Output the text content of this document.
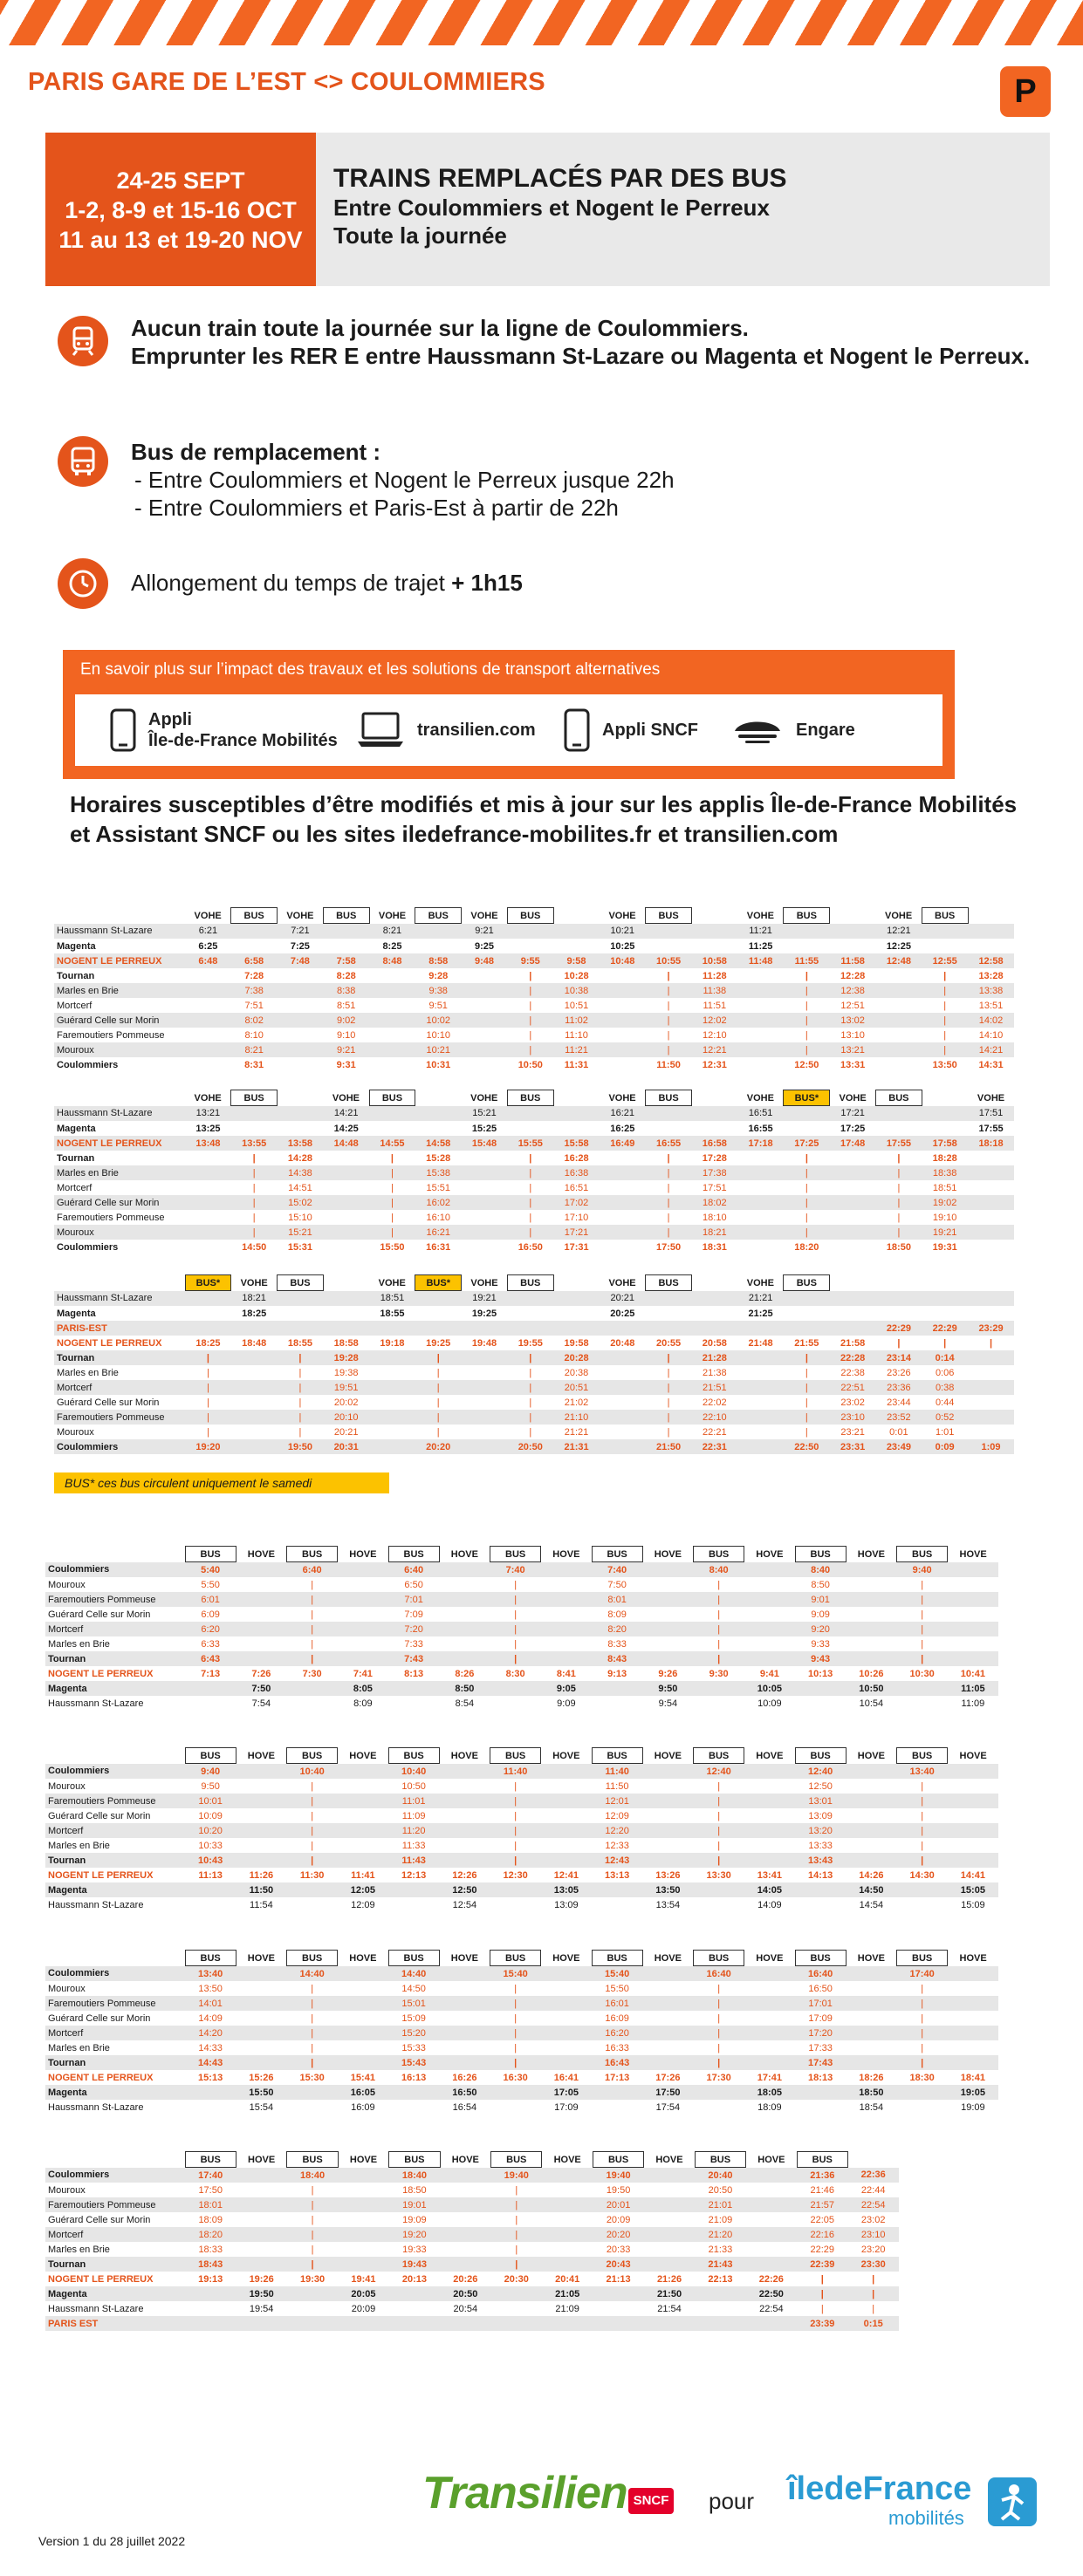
PARIS GARE DE L’EST <> COULOMMIERS	P
24-25 SEPT
1-2, 8-9 et 15-16 OCT
11 au 13 et 19-20 NOV
TRAINS REMPLACÉS PAR DES BUS
Entre Coulommiers et Nogent le Perreux
Toute la journée
Aucun train toute la journée sur la ligne de Coulommiers.
Emprunter les RER E entre Haussmann St-Lazare ou Magenta et Nogent le Perreux.
Bus de remplacement :
- Entre Coulommiers et Nogent le Perreux jusque 22h
- Entre Coulommiers et Paris-Est à partir de 22h
Allongement du temps de trajet + 1h15
En savoir plus sur l’impact des travaux et les solutions de transport alternatives
Appli
Île-de-France Mobilités
transilien.com	Appli SNCF	Engare
Horaires susceptibles d’être modifiés et mis à jour sur les applis Île-de-France Mobilités et Assistant SNCF ou les sites iledefrance-mobilites.fr et transilien.com
	VOHE	BUS	VOHE	BUS	VOHE	BUS	VOHE	BUS		VOHE	BUS		VOHE	BUS		VOHE	BUS	
Haussmann St-Lazare	6:21		7:21		8:21		9:21			10:21			11:21			12:21		
Magenta	6:25		7:25		8:25		9:25			10:25			11:25			12:25		
NOGENT LE PERREUX	6:48	6:58	7:48	7:58	8:48	8:58	9:48	9:55	9:58	10:48	10:55	10:58	11:48	11:55	11:58	12:48	12:55	12:58
Tournan		7:28		8:28		9:28		|	10:28		|	11:28		|	12:28		|	13:28
Marles en Brie		7:38		8:38		9:38		|	10:38		|	11:38		|	12:38		|	13:38
Mortcerf		7:51		8:51		9:51		|	10:51		|	11:51		|	12:51		|	13:51
Guérard Celle sur Morin		8:02		9:02		10:02		|	11:02		|	12:02		|	13:02		|	14:02
Faremoutiers Pommeuse		8:10		9:10		10:10		|	11:10		|	12:10		|	13:10		|	14:10
Mouroux		8:21		9:21		10:21		|	11:21		|	12:21		|	13:21		|	14:21
Coulommiers		8:31		9:31		10:31		10:50	11:31		11:50	12:31		12:50	13:31		13:50	14:31
	VOHE	BUS		VOHE	BUS		VOHE	BUS		VOHE	BUS		VOHE	BUS*	VOHE	BUS		VOHE
Haussmann St-Lazare	13:21			14:21			15:21			16:21			16:51		17:21			17:51
Magenta	13:25			14:25			15:25			16:25			16:55		17:25			17:55
NOGENT LE PERREUX	13:48	13:55	13:58	14:48	14:55	14:58	15:48	15:55	15:58	16:49	16:55	16:58	17:18	17:25	17:48	17:55	17:58	18:18
Tournan		|	14:28		|	15:28		|	16:28		|	17:28		|		|	18:28	
Marles en Brie		|	14:38		|	15:38		|	16:38		|	17:38		|		|	18:38	
Mortcerf		|	14:51		|	15:51		|	16:51		|	17:51		|		|	18:51	
Guérard Celle sur Morin		|	15:02		|	16:02		|	17:02		|	18:02		|		|	19:02	
Faremoutiers Pommeuse		|	15:10		|	16:10		|	17:10		|	18:10		|		|	19:10	
Mouroux		|	15:21		|	16:21		|	17:21		|	18:21		|		|	19:21	
Coulommiers		14:50	15:31		15:50	16:31		16:50	17:31		17:50	18:31		18:20		18:50	19:31	
	BUS*	VOHE	BUS		VOHE	BUS*	VOHE	BUS		VOHE	BUS		VOHE	BUS				
Haussmann St-Lazare		18:21			18:51		19:21			20:21			21:21					
Magenta		18:25			18:55		19:25			20:25			21:25					
PARIS-EST																22:29	22:29	23:29
NOGENT LE PERREUX	18:25	18:48	18:55	18:58	19:18	19:25	19:48	19:55	19:58	20:48	20:55	20:58	21:48	21:55	21:58	|	|	|
Tournan	|		|	19:28		|		|	20:28		|	21:28		|	22:28	23:14	0:14	
Marles en Brie	|		|	19:38		|		|	20:38		|	21:38		|	22:38	23:26	0:06	
Mortcerf	|		|	19:51		|		|	20:51		|	21:51		|	22:51	23:36	0:38	
Guérard Celle sur Morin	|		|	20:02		|		|	21:02		|	22:02		|	23:02	23:44	0:44	
Faremoutiers Pommeuse	|		|	20:10		|		|	21:10		|	22:10		|	23:10	23:52	0:52	
Mouroux	|		|	20:21		|		|	21:21		|	22:21		|	23:21	0:01	1:01	
Coulommiers	19:20		19:50	20:31		20:20		20:50	21:31		21:50	22:31		22:50	23:31	23:49	0:09	1:09
	BUS	HOVE	BUS	HOVE	BUS	HOVE	BUS	HOVE	BUS	HOVE	BUS	HOVE	BUS	HOVE	BUS	HOVE
Coulommiers	5:40		6:40		6:40		7:40		7:40		8:40		8:40		9:40	
Mouroux	5:50		|		6:50		|		7:50		|		8:50		|	
Faremoutiers Pommeuse	6:01		|		7:01		|		8:01		|		9:01		|	
Guérard Celle sur Morin	6:09		|		7:09		|		8:09		|		9:09		|	
Mortcerf	6:20		|		7:20		|		8:20		|		9:20		|	
Marles en Brie	6:33		|		7:33		|		8:33		|		9:33		|	
Tournan	6:43		|		7:43		|		8:43		|		9:43		|	
NOGENT LE PERREUX	7:13	7:26	7:30	7:41	8:13	8:26	8:30	8:41	9:13	9:26	9:30	9:41	10:13	10:26	10:30	10:41
Magenta		7:50		8:05		8:50		9:05		9:50		10:05		10:50		11:05
Haussmann St-Lazare		7:54		8:09		8:54		9:09		9:54		10:09		10:54		11:09
	BUS	HOVE	BUS	HOVE	BUS	HOVE	BUS	HOVE	BUS	HOVE	BUS	HOVE	BUS	HOVE	BUS	HOVE
Coulommiers	9:40		10:40		10:40		11:40		11:40		12:40		12:40		13:40	
Mouroux	9:50		|		10:50		|		11:50		|		12:50		|	
Faremoutiers Pommeuse	10:01		|		11:01		|		12:01		|		13:01		|	
Guérard Celle sur Morin	10:09		|		11:09		|		12:09		|		13:09		|	
Mortcerf	10:20		|		11:20		|		12:20		|		13:20		|	
Marles en Brie	10:33		|		11:33		|		12:33		|		13:33		|	
Tournan	10:43		|		11:43		|		12:43		|		13:43		|	
NOGENT LE PERREUX	11:13	11:26	11:30	11:41	12:13	12:26	12:30	12:41	13:13	13:26	13:30	13:41	14:13	14:26	14:30	14:41
Magenta		11:50		12:05		12:50		13:05		13:50		14:05		14:50		15:05
Haussmann St-Lazare		11:54		12:09		12:54		13:09		13:54		14:09		14:54		15:09
	BUS	HOVE	BUS	HOVE	BUS	HOVE	BUS	HOVE	BUS	HOVE	BUS	HOVE	BUS	HOVE	BUS	HOVE
Coulommiers	13:40		14:40		14:40		15:40		15:40		16:40		16:40		17:40	
Mouroux	13:50		|		14:50		|		15:50		|		16:50		|	
Faremoutiers Pommeuse	14:01		|		15:01		|		16:01		|		17:01		|	
Guérard Celle sur Morin	14:09		|		15:09		|		16:09		|		17:09		|	
Mortcerf	14:20		|		15:20		|		16:20		|		17:20		|	
Marles en Brie	14:33		|		15:33		|		16:33		|		17:33		|	
Tournan	14:43		|		15:43		|		16:43		|		17:43		|	
NOGENT LE PERREUX	15:13	15:26	15:30	15:41	16:13	16:26	16:30	16:41	17:13	17:26	17:30	17:41	18:13	18:26	18:30	18:41
Magenta		15:50		16:05		16:50		17:05		17:50		18:05		18:50		19:05
Haussmann St-Lazare		15:54		16:09		16:54		17:09		17:54		18:09		18:54		19:09
	BUS	HOVE	BUS	HOVE	BUS	HOVE	BUS	HOVE	BUS	HOVE	BUS	HOVE	BUS		
Coulommiers	17:40		18:40		18:40		19:40		19:40		20:40		21:36	22:36	
Mouroux	17:50		|		18:50		|		19:50		20:50		21:46	22:44	
Faremoutiers Pommeuse	18:01		|		19:01		|		20:01		21:01		21:57	22:54	
Guérard Celle sur Morin	18:09		|		19:09		|		20:09		21:09		22:05	23:02	
Mortcerf	18:20		|		19:20		|		20:20		21:20		22:16	23:10	
Marles en Brie	18:33		|		19:33		|		20:33		21:33		22:29	23:20	
Tournan	18:43		|		19:43		|		20:43		21:43		22:39	23:30	
NOGENT LE PERREUX	19:13	19:26	19:30	19:41	20:13	20:26	20:30	20:41	21:13	21:26	22:13	22:26	|	|	
Magenta		19:50		20:05		20:50		21:05		21:50		22:50	|	|	
Haussmann St-Lazare		19:54		20:09		20:54		21:09		21:54		22:54	|	|	
PARIS EST													23:39	0:15	
BUS* ces bus circulent uniquement le samedi
Transilien SNCF pour îledeFrance
mobilités
Version 1 du 28 juillet 2022
